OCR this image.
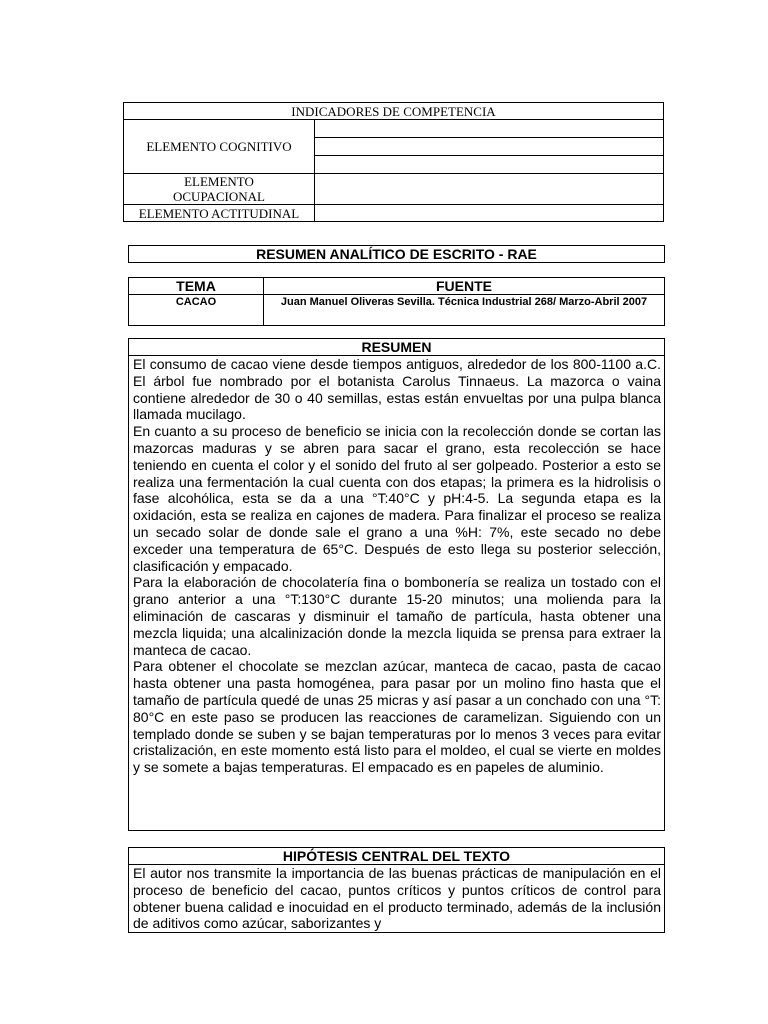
INDICADORES DE COMPETENCIA	
ELEMENTO COGNITIVO	

ELEMENTO
OCUPACIONAL	

ELEMENTO ACTITUDINAL	
RESUMEN ANALÍTICO DE ESCRITO - RAE
TEMA	FUENTE

CACAO	Juan Manuel Oliveras Sevilla. Técnica Industrial 268/ Marzo-Abril 2007
RESUMEN

El consumo de cacao viene desde tiempos antiguos, alrededor de los 800-1100 a.C. El árbol fue nombrado por el botanista Carolus Tinnaeus. La mazorca o vaina contiene alrededor de 30 o 40 semillas, estas están envueltas por una pulpa blanca llamada mucilago.

En cuanto a su proceso de beneficio se inicia con la recolección donde se cortan las mazorcas maduras y se abren para sacar el grano, esta recolección se hace teniendo en cuenta el color y el sonido del fruto al ser golpeado. Posterior a esto se realiza una fermentación la cual cuenta con dos etapas; la primera es la hidrolisis o fase alcohólica, esta se da a una °T:40°C y pH:4-5. La segunda etapa es la oxidación, esta se realiza en cajones de madera. Para finalizar el proceso se realiza un secado solar de donde sale el grano a una %H: 7%, este secado no debe exceder una temperatura de 65°C. Después de esto llega su posterior selección, clasificación y empacado.

Para la elaboración de chocolatería fina o bombonería se realiza un tostado con el grano anterior a una °T:130°C durante 15-20 minutos; una molienda para la eliminación de cascaras y disminuir el tamaño de partícula, hasta obtener una mezcla liquida; una alcalinización donde la mezcla liquida se prensa para extraer la manteca de cacao.

Para obtener el chocolate se mezclan azúcar, manteca de cacao, pasta de cacao hasta obtener una pasta homogénea, para pasar por un molino fino hasta que el tamaño de partícula quedé de unas 25 micras y así pasar a un conchado con una °T: 80°C en este paso se producen las reacciones de caramelizan. Siguiendo con un templado donde se suben y se bajan temperaturas por lo menos 3 veces para evitar cristalización, en este momento está listo para el moldeo, el cual se vierte en moldes y se somete a bajas temperaturas. El empacado es en papeles de aluminio.

HIPÓTESIS CENTRAL DEL TEXTO

El autor nos transmite la importancia de las buenas prácticas de manipulación en el proceso de beneficio del cacao, puntos críticos y puntos críticos de control para obtener buena calidad e inocuidad en el producto terminado, además de la inclusión de aditivos como azúcar, saborizantes y
